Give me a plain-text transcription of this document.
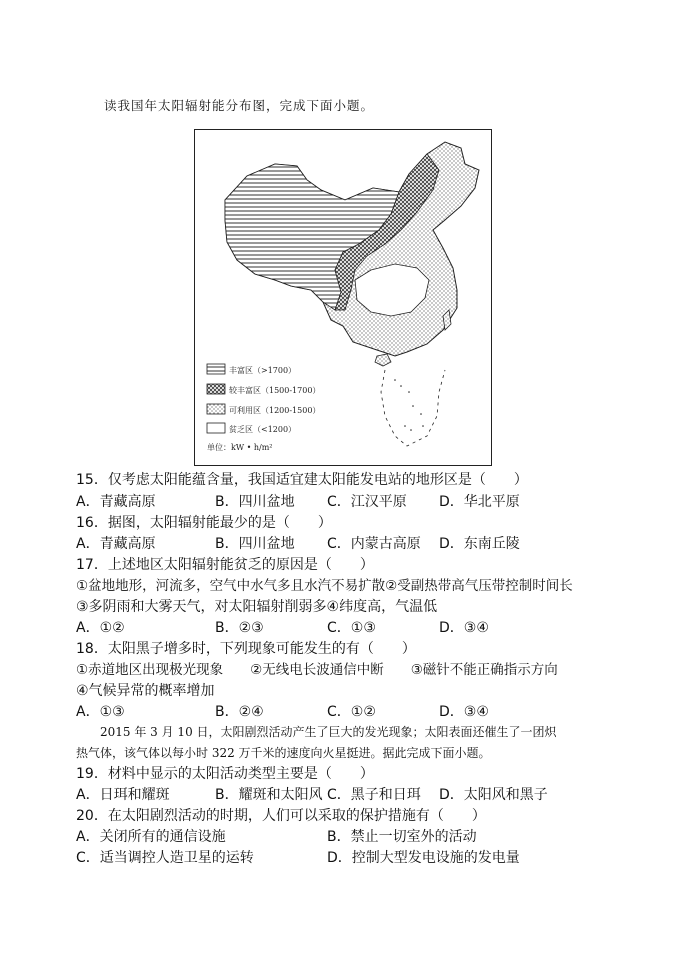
读我国年太阳辐射能分布图，完成下面小题。
丰富区（>1700）
较丰富区（1500-1700）
可利用区（1200-1500）
贫乏区（<1200）
单位：kW • h/m²
15．仅考虑太阳能蕴含量，我国适宜建太阳能发电站的地形区是（　　）
A．青藏高原	B．四川盆地 C．江汉平原 D．华北平原
16．据图，太阳辐射能最少的是（　　）
A．青藏高原	B．四川盆地 C．内蒙古高原 D．东南丘陵
17．上述地区太阳辐射能贫乏的原因是（　　）
①盆地地形，河流多，空气中水气多且水汽不易扩散②受副热带高气压带控制时间长
③多阴雨和大雾天气，对太阳辐射削弱多④纬度高，气温低
A．①②	B．②③	C．①③	D．③④
18．太阳黑子增多时，下列现象可能发生的有（　　）
①赤道地区出现极光现象　　②无线电长波通信中断　　③磁针不能正确指示方向
④气候异常的概率增加
A．①③	B．②④	C．①②	D．③④
　　2015 年 3 月 10 日，太阳剧烈活动产生了巨大的发光现象；太阳表面还催生了一团炽
热气体，该气体以每小时 322 万千米的速度向火星挺进。据此完成下面小题。
19．材料中显示的太阳活动类型主要是（　　）
A．日珥和耀斑	B．耀斑和太阳风 C．黑子和日珥 D．太阳风和黑子
20．在太阳剧烈活动的时期，人们可以采取的保护措施有（　　）
A．关闭所有的通信设施	B．禁止一切室外的活动
C．适当调控人造卫星的运转	D．控制大型发电设施的发电量
